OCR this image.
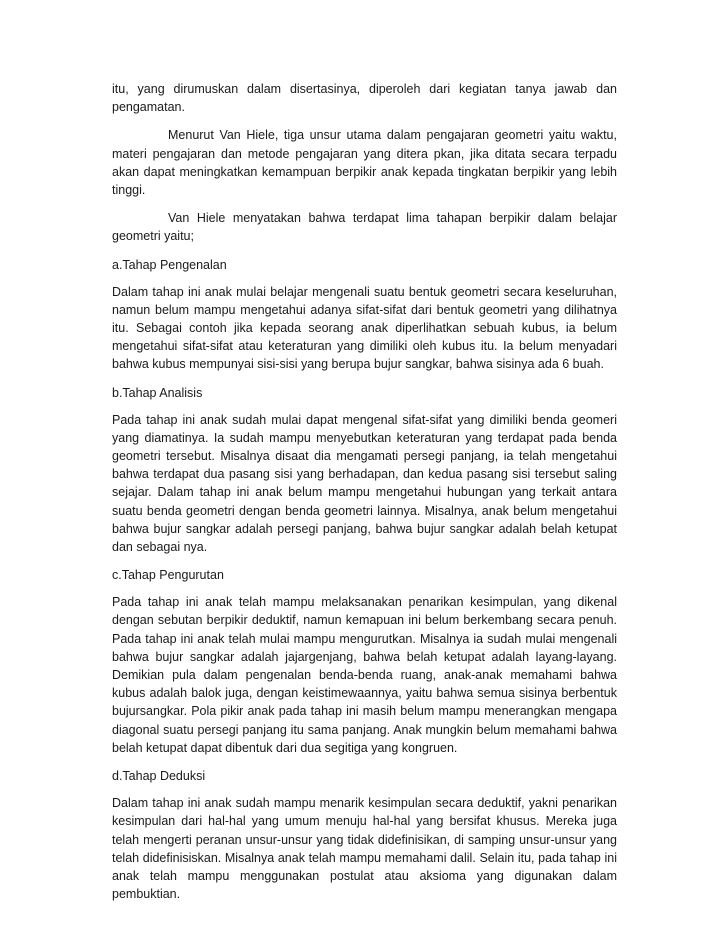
itu, yang dirumuskan dalam disertasinya, diperoleh dari kegiatan tanya jawab dan pengamatan.

Menurut Van Hiele, tiga unsur utama dalam pengajaran geometri yaitu waktu, materi pengajaran dan metode pengajaran yang ditera pkan, jika ditata secara terpadu akan dapat meningkatkan kemampuan berpikir anak kepada tingkatan berpikir yang lebih tinggi.

Van Hiele menyatakan bahwa terdapat lima tahapan berpikir dalam belajar geometri yaitu;

a.Tahap Pengenalan

Dalam tahap ini anak mulai belajar mengenali suatu bentuk geometri secara keseluruhan, namun belum mampu mengetahui adanya sifat-sifat dari bentuk geometri yang dilihatnya itu. Sebagai contoh jika kepada seorang anak diperlihatkan sebuah kubus, ia belum mengetahui sifat-sifat atau keteraturan yang dimiliki oleh kubus itu. Ia belum menyadari bahwa kubus mempunyai sisi-sisi yang berupa bujur sangkar, bahwa sisinya ada 6 buah.

b.Tahap Analisis

Pada tahap ini anak sudah mulai dapat mengenal sifat-sifat yang dimiliki benda geomeri yang diamatinya. Ia sudah mampu menyebutkan keteraturan yang terdapat pada benda geometri tersebut. Misalnya disaat dia mengamati persegi panjang, ia telah mengetahui bahwa terdapat dua pasang sisi yang berhadapan, dan kedua pasang sisi tersebut saling sejajar. Dalam tahap ini anak belum mampu mengetahui hubungan yang terkait antara suatu benda geometri dengan benda geometri lainnya. Misalnya, anak belum mengetahui bahwa bujur sangkar adalah persegi panjang, bahwa bujur sangkar adalah belah ketupat dan sebagai nya.

c.Tahap Pengurutan

Pada tahap ini anak telah mampu melaksanakan penarikan kesimpulan, yang dikenal dengan sebutan berpikir deduktif, namun kemapuan ini belum berkembang secara penuh. Pada tahap ini anak telah mulai mampu mengurutkan. Misalnya ia sudah mulai mengenali bahwa bujur sangkar adalah jajargenjang, bahwa belah ketupat adalah layang-layang. Demikian pula dalam pengenalan benda-benda ruang, anak-anak memahami bahwa kubus adalah balok juga, dengan keistimewaannya, yaitu bahwa semua sisinya berbentuk bujursangkar. Pola pikir anak pada tahap ini masih belum mampu menerangkan mengapa diagonal suatu persegi panjang itu sama panjang. Anak mungkin belum memahami bahwa belah ketupat dapat dibentuk dari dua segitiga yang kongruen.

d.Tahap Deduksi

Dalam tahap ini anak sudah mampu menarik kesimpulan secara deduktif, yakni penarikan kesimpulan dari hal-hal yang umum menuju hal-hal yang bersifat khusus. Mereka juga telah mengerti peranan unsur-unsur yang tidak didefinisikan, di samping unsur-unsur yang telah didefinisiskan. Misalnya anak telah mampu memahami dalil. Selain itu, pada tahap ini anak telah mampu menggunakan postulat atau aksioma yang digunakan dalam pembuktian.
